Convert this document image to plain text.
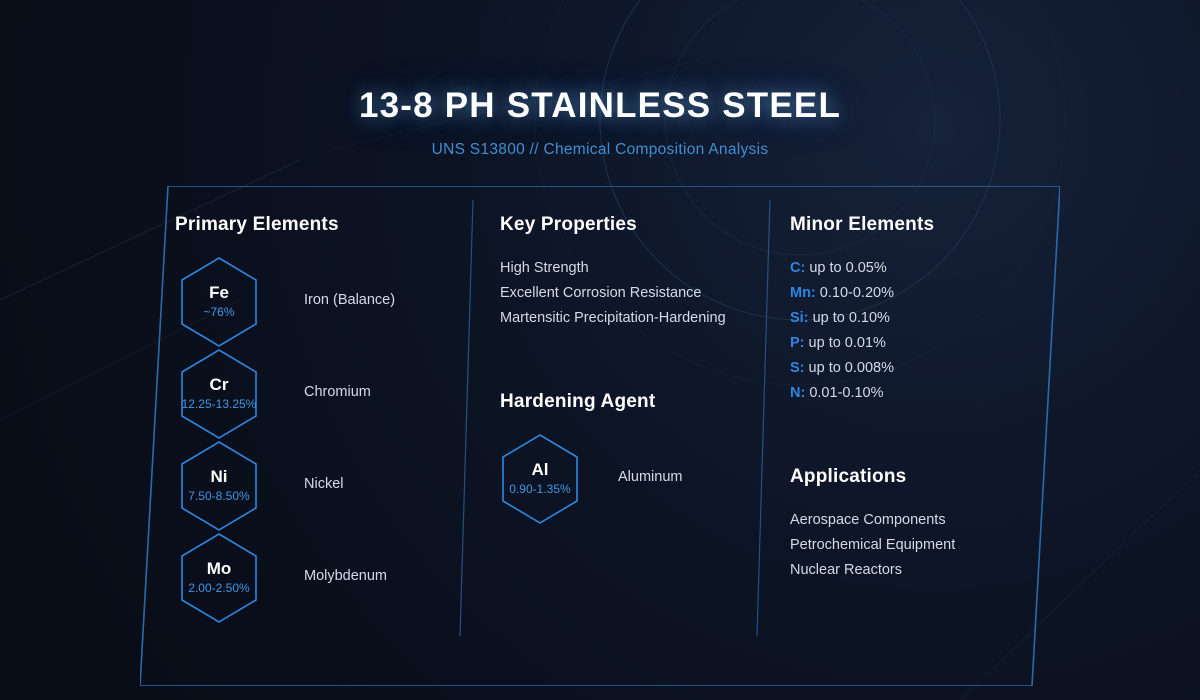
13-8 PH STAINLESS STEEL
UNS S13800 // Chemical Composition Analysis
Primary Elements
Fe
~76%
Iron (Balance)
Cr
12.25-13.25%
Chromium
Ni
7.50-8.50%
Nickel
Mo
2.00-2.50%
Molybdenum
Key Properties
High Strength
Excellent Corrosion Resistance
Martensitic Precipitation-Hardening
Hardening Agent
Al
0.90-1.35%
Aluminum
Minor Elements
C: up to 0.05%
Mn: 0.10-0.20%
Si: up to 0.10%
P: up to 0.01%
S: up to 0.008%
N: 0.01-0.10%
Applications
Aerospace Components
Petrochemical Equipment
Nuclear Reactors
